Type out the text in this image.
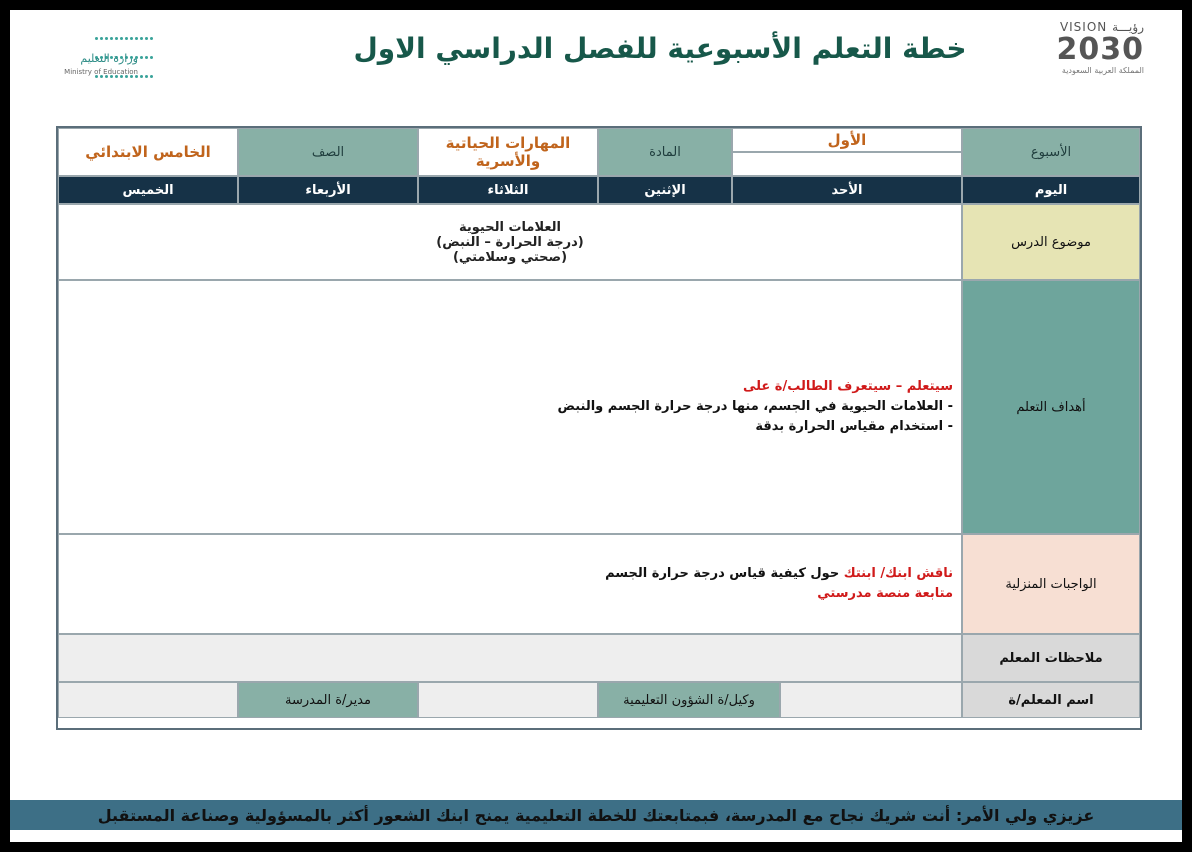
خطة التعلم الأسبوعية للفصل الدراسي الاول
VISION رؤيـــة
2030
المملكة العربية السعودية

وزارة التعليم
Ministry of Education
الأسبوع
الأول
المادة
المهارات الحياتية والأسرية
الصف
الخامس الابتدائي
اليوم
الأحد
الإثنين
الثلاثاء
الأربعاء
الخميس
موضوع الدرس
العلامات الحيوية
(درجة الحرارة – النبض)
(صحتي وسلامتي)
أهداف التعلم
سيتعلم – سيتعرف الطالب/ة على
- العلامات الحيوية في الجسم، منها درجة حرارة الجسم والنبض
- استخدام مقياس الحرارة بدقة
الواجبات المنزلية
ناقش ابنك/ ابنتك حول كيفية قياس درجة حرارة الجسم
متابعة منصة مدرستي
ملاحظات المعلم
اسم المعلم/ة
وكيل/ة الشؤون التعليمية
مدير/ة المدرسة
عزيزي ولي الأمر: أنت شريك نجاح مع المدرسة، فبمتابعتك للخطة التعليمية يمنح ابنك الشعور أكثر بالمسؤولية وصناعة المستقبل
